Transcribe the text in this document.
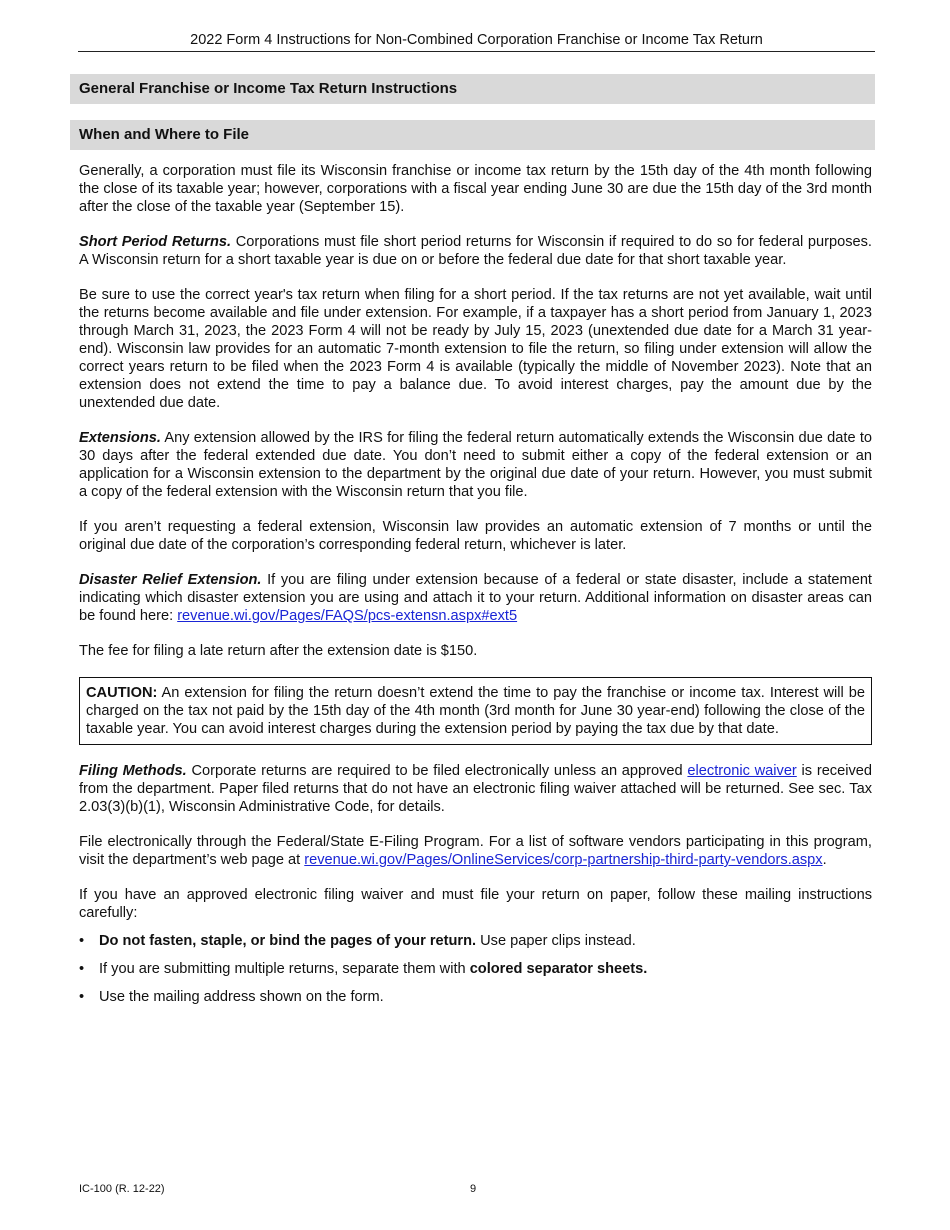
2022 Form 4 Instructions for Non-Combined Corporation Franchise or Income Tax Return
General Franchise or Income Tax Return Instructions
When and Where to File

Generally, a corporation must file its Wisconsin franchise or income tax return by the 15th day of the 4th month following the close of its taxable year; however, corporations with a fiscal year ending June 30 are due the 15th day of the 3rd month after the close of the taxable year (September 15).

Short Period Returns. Corporations must file short period returns for Wisconsin if required to do so for federal purposes. A Wisconsin return for a short taxable year is due on or before the federal due date for that short taxable year.

Be sure to use the correct year's tax return when filing for a short period. If the tax returns are not yet available, wait until the returns become available and file under extension. For example, if a taxpayer has a short period from January 1, 2023 through March 31, 2023, the 2023 Form 4 will not be ready by July 15, 2023 (unextended due date for a March 31 year-end). Wisconsin law provides for an automatic 7-month extension to file the return, so filing under extension will allow the correct years return to be filed when the 2023 Form 4 is available (typically the middle of November 2023). Note that an extension does not extend the time to pay a balance due. To avoid interest charges, pay the amount due by the unextended due date.

Extensions. Any extension allowed by the IRS for filing the federal return automatically extends the Wisconsin due date to 30 days after the federal extended due date. You don’t need to submit either a copy of the federal extension or an application for a Wisconsin extension to the department by the original due date of your return. However, you must submit a copy of the federal extension with the Wisconsin return that you file.

If you aren’t requesting a federal extension, Wisconsin law provides an automatic extension of 7 months or until the original due date of the corporation’s corresponding federal return, whichever is later.

Disaster Relief Extension. If you are filing under extension because of a federal or state disaster, include a statement indicating which disaster extension you are using and attach it to your return. Additional information on disaster areas can be found here: revenue.wi.gov/Pages/FAQS/pcs-extensn.aspx#ext5

The fee for filing a late return after the extension date is $150.

CAUTION: An extension for filing the return doesn’t extend the time to pay the franchise or income tax. Interest will be charged on the tax not paid by the 15th day of the 4th month (3rd month for June 30 year-end) following the close of the taxable year. You can avoid interest charges during the extension period by paying the tax due by that date.

Filing Methods. Corporate returns are required to be filed electronically unless an approved electronic waiver is received from the department. Paper filed returns that do not have an electronic filing waiver attached will be returned. See sec. Tax 2.03(3)(b)(1), Wisconsin Administrative Code, for details.

File electronically through the Federal/State E-Filing Program. For a list of software vendors participating in this program, visit the department’s web page at revenue.wi.gov/Pages/OnlineServices/corp-partnership-third-party-vendors.aspx.

If you have an approved electronic filing waiver and must file your return on paper, follow these mailing instructions carefully:

• Do not fasten, staple, or bind the pages of your return. Use paper clips instead.
• If you are submitting multiple returns, separate them with colored separator sheets.
• Use the mailing address shown on the form.
IC-100 (R. 12-22)	9
